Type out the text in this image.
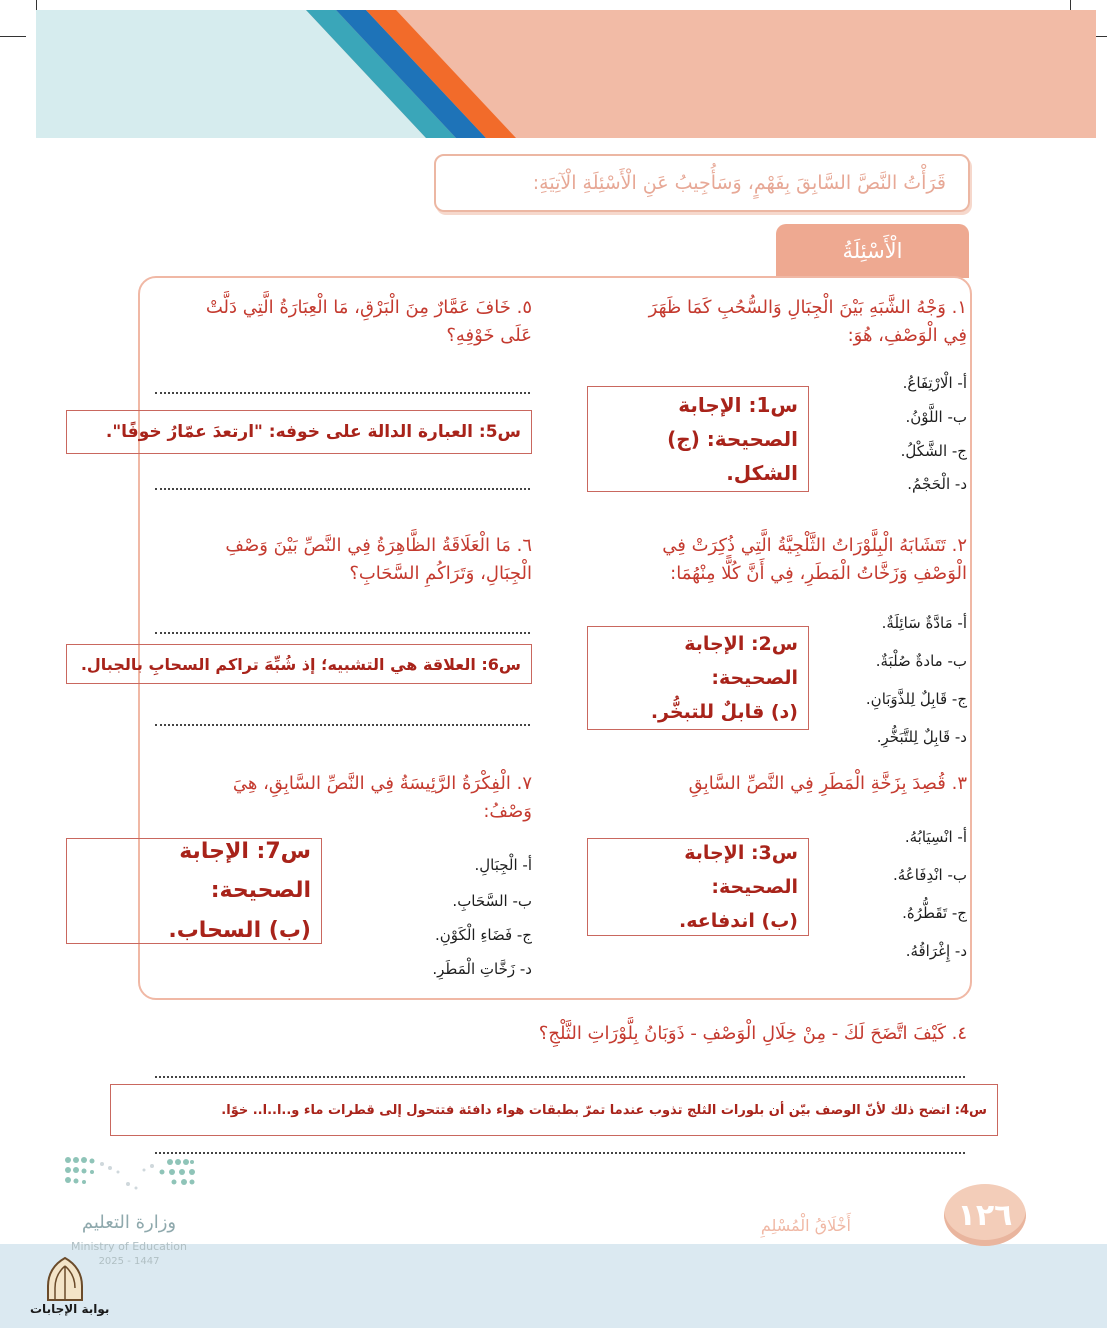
قَرَأْتُ النَّصَّ السَّابِقَ بِفَهْمٍ، وَسَأُجِيبُ عَنِ الْأَسْئِلَةِ الْآتِيَةِ:
الْأَسْئِلَةُ
١. وَجْهُ الشَّبَهِ بَيْنَ الْجِبَالِ وَالسُّحُبِ كَمَا ظَهَرَ
فِي الْوَصْفِ، هُوَ:
أ- الْارْتِفَاعُ.
ب- اللَّوْنُ.
ج- الشَّكْلُ.
د- الْحَجْمُ.
س1: الإجابة
الصحيحة: (ج) الشكل.
٥. خَافَ عَمَّارٌ مِنَ الْبَرْقِ، مَا الْعِبَارَةُ الَّتِي دَلَّتْ
عَلَى خَوْفِهِ؟
س5: العبارة الدالة على خوفه: "ارتعدَ عمّارُ خوفًا".
٢. تَتَشَابَهُ الْبِلَّوْرَاتُ الثَّلْجِيَّةُ الَّتِي ذُكِرَتْ فِي
الْوَصْفِ وَزَخَّاتُ الْمَطَرِ، فِي أَنَّ كُلًّا مِنْهُمَا:
أ- مَادَّةٌ سَائِلَةٌ.
ب- مادةٌ صُلْبَةٌ.
ج- قَابِلٌ لِلذَّوَبَانِ.
د- قَابِلٌ لِلتَّبَخُّرِ.
س2: الإجابة الصحيحة:
(د) قابلٌ للتبخُّر.
٦. مَا الْعَلَاقَةُ الظَّاهِرَةُ فِي النَّصِّ بَيْنَ وَصْفِ
الْجِبَالِ، وَتَرَاكُمِ السَّحَابِ؟
س6: العلاقة هي التشبيه؛ إذ شُبِّهَ تراكم السحابِ بالجبال.
٣. قُصِدَ بِزَخَّةِ الْمَطَرِ فِي النَّصِّ السَّابِقِ
أ- انْسِيَابُهُ.
ب- انْدِفَاعُهُ.
ج- تَقَطُّرُهُ.
د- إِغْرَاقُهُ.
س3: الإجابة الصحيحة:
(ب) اندفاعه.
٧. الْفِكْرَةُ الرَّئِيسَةُ فِي النَّصِّ السَّابِقِ، هِيَ
وَصْفُ:
أ- الْجِبَالِ.
ب- السَّحَابِ.
ج- فَضَاءِ الْكَوْنِ.
د- زَخَّاتِ الْمَطَرِ.
س7: الإجابة الصحيحة:
(ب) السحاب.
٤. كَيْفَ اتَّضَحَ لَكَ - مِنْ خِلَالِ الْوَصْفِ - ذَوَبَانُ بِلَّوْرَاتِ الثَّلْجِ؟
س4: اتضح ذلك لأنّ الوصف بيّن أن بلورات الثلج تذوب عندما تمرّ بطبقات هواء دافئة فتتحول إلى قطرات ماء و..ا..ا.. خوًا.
١٢٦
أَخْلَاقُ الْمُسْلِمِ
وزارة التعليم
Ministry of Education
2025 - 1447
بوابة الإجابات
